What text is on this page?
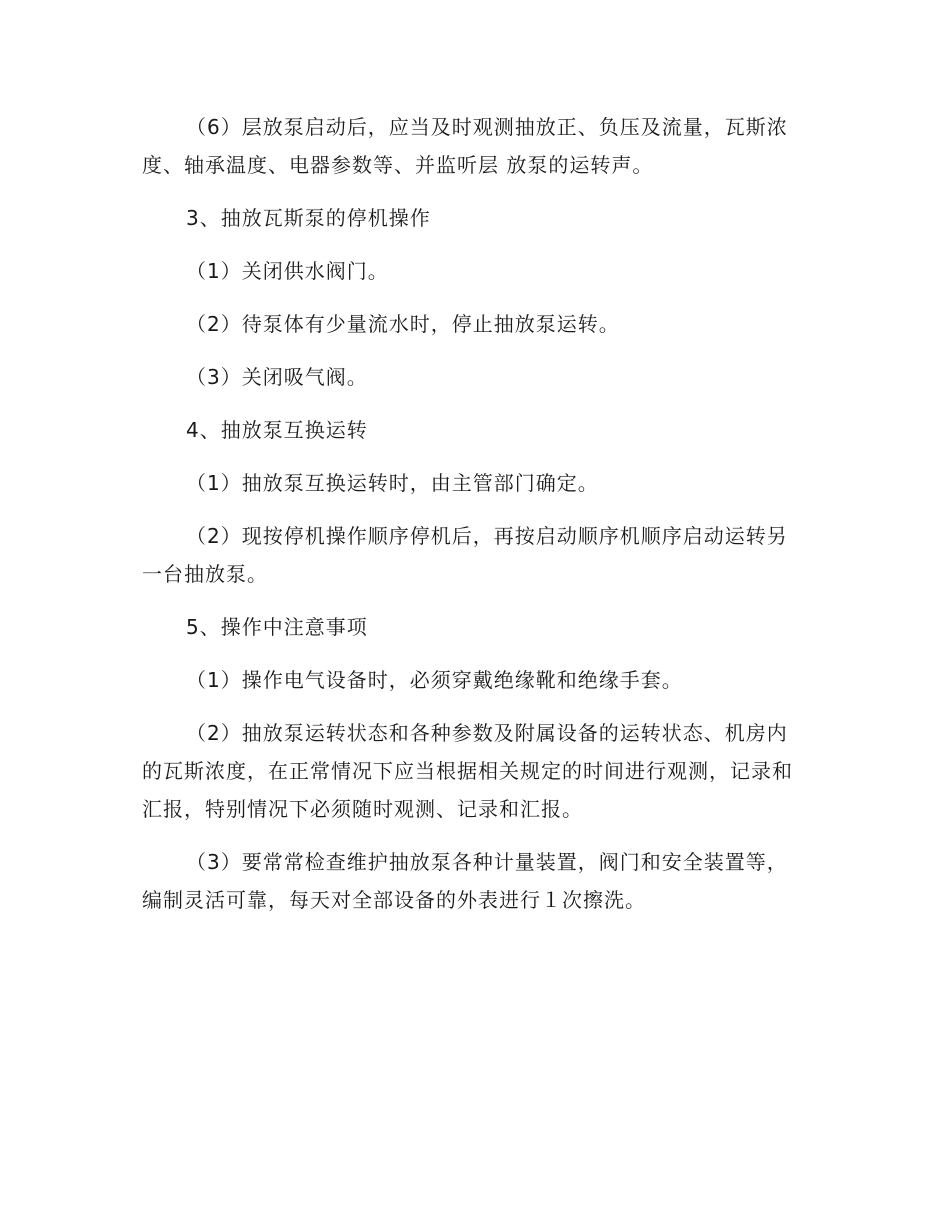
（6）层放泵启动后，应当及时观测抽放正、负压及流量，瓦斯浓度、轴承温度、电器参数等、并监听层 放泵的运转声。

3、抽放瓦斯泵的停机操作

（1）关闭供水阀门。

（2）待泵体有少量流水时，停止抽放泵运转。

（3）关闭吸气阀。

4、抽放泵互换运转

（1）抽放泵互换运转时，由主管部门确定。

（2）现按停机操作顺序停机后，再按启动顺序机顺序启动运转另一台抽放泵。

5、操作中注意事项

（1）操作电气设备时，必须穿戴绝缘靴和绝缘手套。

（2）抽放泵运转状态和各种参数及附属设备的运转状态、机房内的瓦斯浓度，在正常情况下应当根据相关规定的时间进行观测，记录和汇报，特别情况下必须随时观测、记录和汇报。

（3）要常常检查维护抽放泵各种计量装置，阀门和安全装置等，编制灵活可靠，每天对全部设备的外表进行１次擦洗。
